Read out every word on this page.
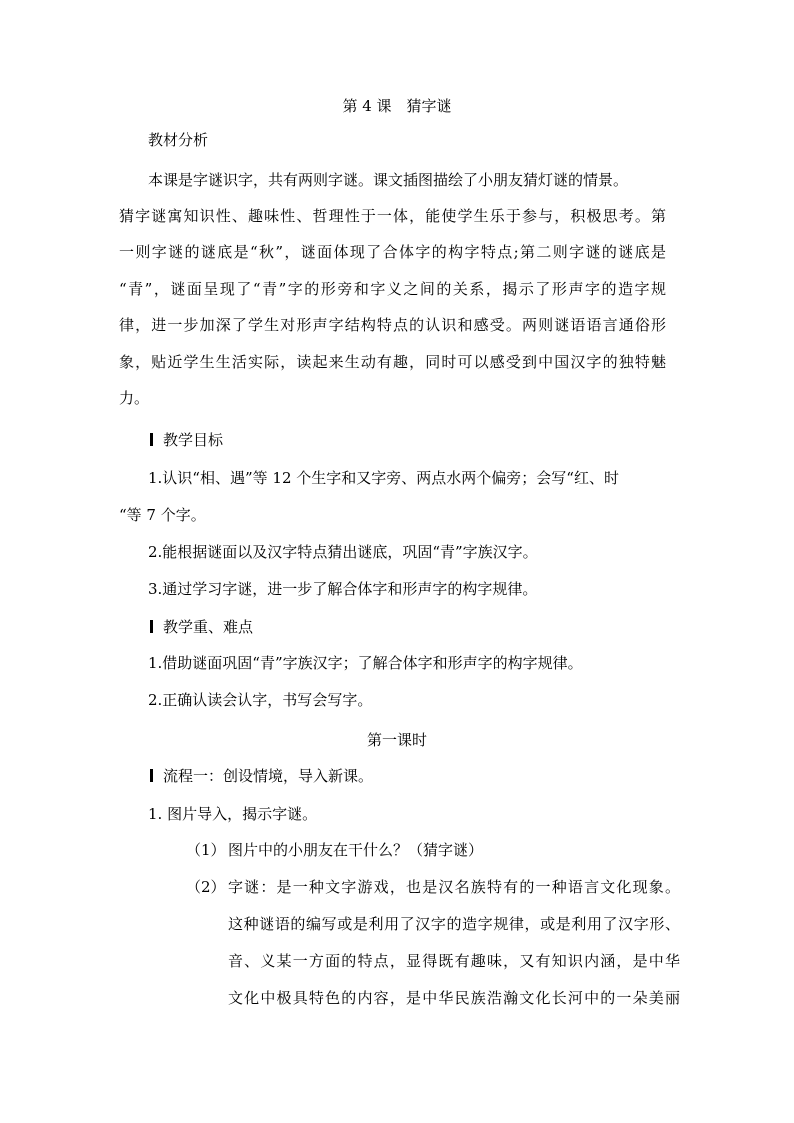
第 4 课　猜字谜
教材分析
本课是字谜识字，共有两则字谜。课文插图描绘了小朋友猜灯谜的情景。
猜字谜寓知识性、趣味性、哲理性于一体，能使学生乐于参与，积极思考。第
一则字谜的谜底是“秋”，谜面体现了合体字的构字特点;第二则字谜的谜底是
“青”，谜面呈现了“青”字的形旁和字义之间的关系，揭示了形声字的造字规
律，进一步加深了学生对形声字结构特点的认识和感受。两则谜语语言通俗形
象，贴近学生生活实际，读起来生动有趣，同时可以感受到中国汉字的独特魅
力。
教学目标
1.认识“相、遇”等 12 个生字和又字旁、两点水两个偏旁；会写“红、时
“等 7 个字。
2.能根据谜面以及汉字特点猜出谜底，巩固“青”字族汉字。
3.通过学习字谜，进一步了解合体字和形声字的构字规律。
教学重、难点
1.借助谜面巩固“青”字族汉字；了解合体字和形声字的构字规律。
2.正确认读会认字，书写会写字。
第一课时
流程一：创设情境，导入新课。
1. 图片导入，揭示字谜。
（1） 图片中的小朋友在干什么？（猜字谜）
（2） 字谜：是一种文字游戏，也是汉名族特有的一种语言文化现象。
这种谜语的编写或是利用了汉字的造字规律，或是利用了汉字形、
音、义某一方面的特点，显得既有趣味，又有知识内涵，是中华
文化中极具特色的内容，是中华民族浩瀚文化长河中的一朵美丽
